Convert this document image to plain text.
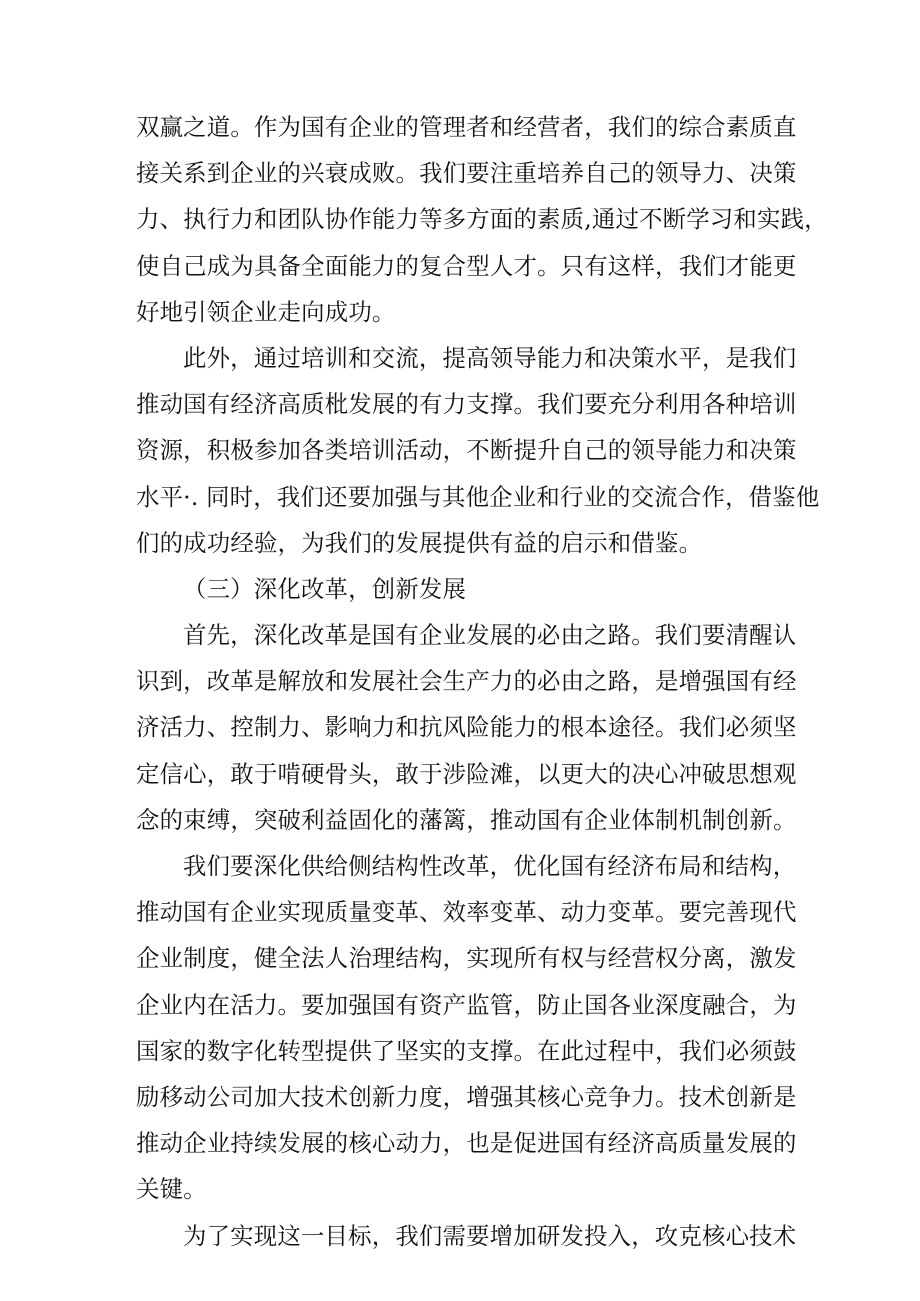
双赢之道。作为国有企业的管理者和经营者，我们的综合素质直
接关系到企业的兴衰成败。我们要注重培养自己的领导力、决策
力、执行力和团队协作能力等多方面的素质,通过不断学习和实践，
使自己成为具备全面能力的复合型人才。只有这样，我们才能更
好地引领企业走向成功。
此外，通过培训和交流，提高领导能力和决策水平，是我们
推动国有经济高质枇发展的有力支撑。我们要充分利用各种培训
资源，积极参加各类培训活动，不断提升自己的领导能力和决策
水平·. 同时，我们还要加强与其他企业和行业的交流合作，借鉴他
们的成功经验，为我们的发展提供有益的启示和借鉴。
（三）深化改革，创新发展
首先，深化改革是国有企业发展的必由之路。我们要清醒认
识到，改革是解放和发展社会生产力的必由之路，是增强国有经
济活力、控制力、影响力和抗风险能力的根本途径。我们必须坚
定信心，敢于啃硬骨头，敢于涉险滩，以更大的决心冲破思想观
念的束缚，突破利益固化的藩篱，推动国有企业体制机制创新。
我们要深化供给侧结构性改革，优化国有经济布局和结构，
推动国有企业实现质量变革、效率变革、动力变革。要完善现代
企业制度，健全法人治理结构，实现所有权与经营权分离，激发
企业内在活力。要加强国有资产监管，防止国各业深度融合，为
国家的数字化转型提供了坚实的支撑。在此过程中，我们必须鼓
励移动公司加大技术创新力度，增强其核心竞争力。技术创新是
推动企业持续发展的核心动力，也是促进国有经济高质量发展的
关键。
为了实现这一目标，我们需要增加研发投入，攻克核心技术
